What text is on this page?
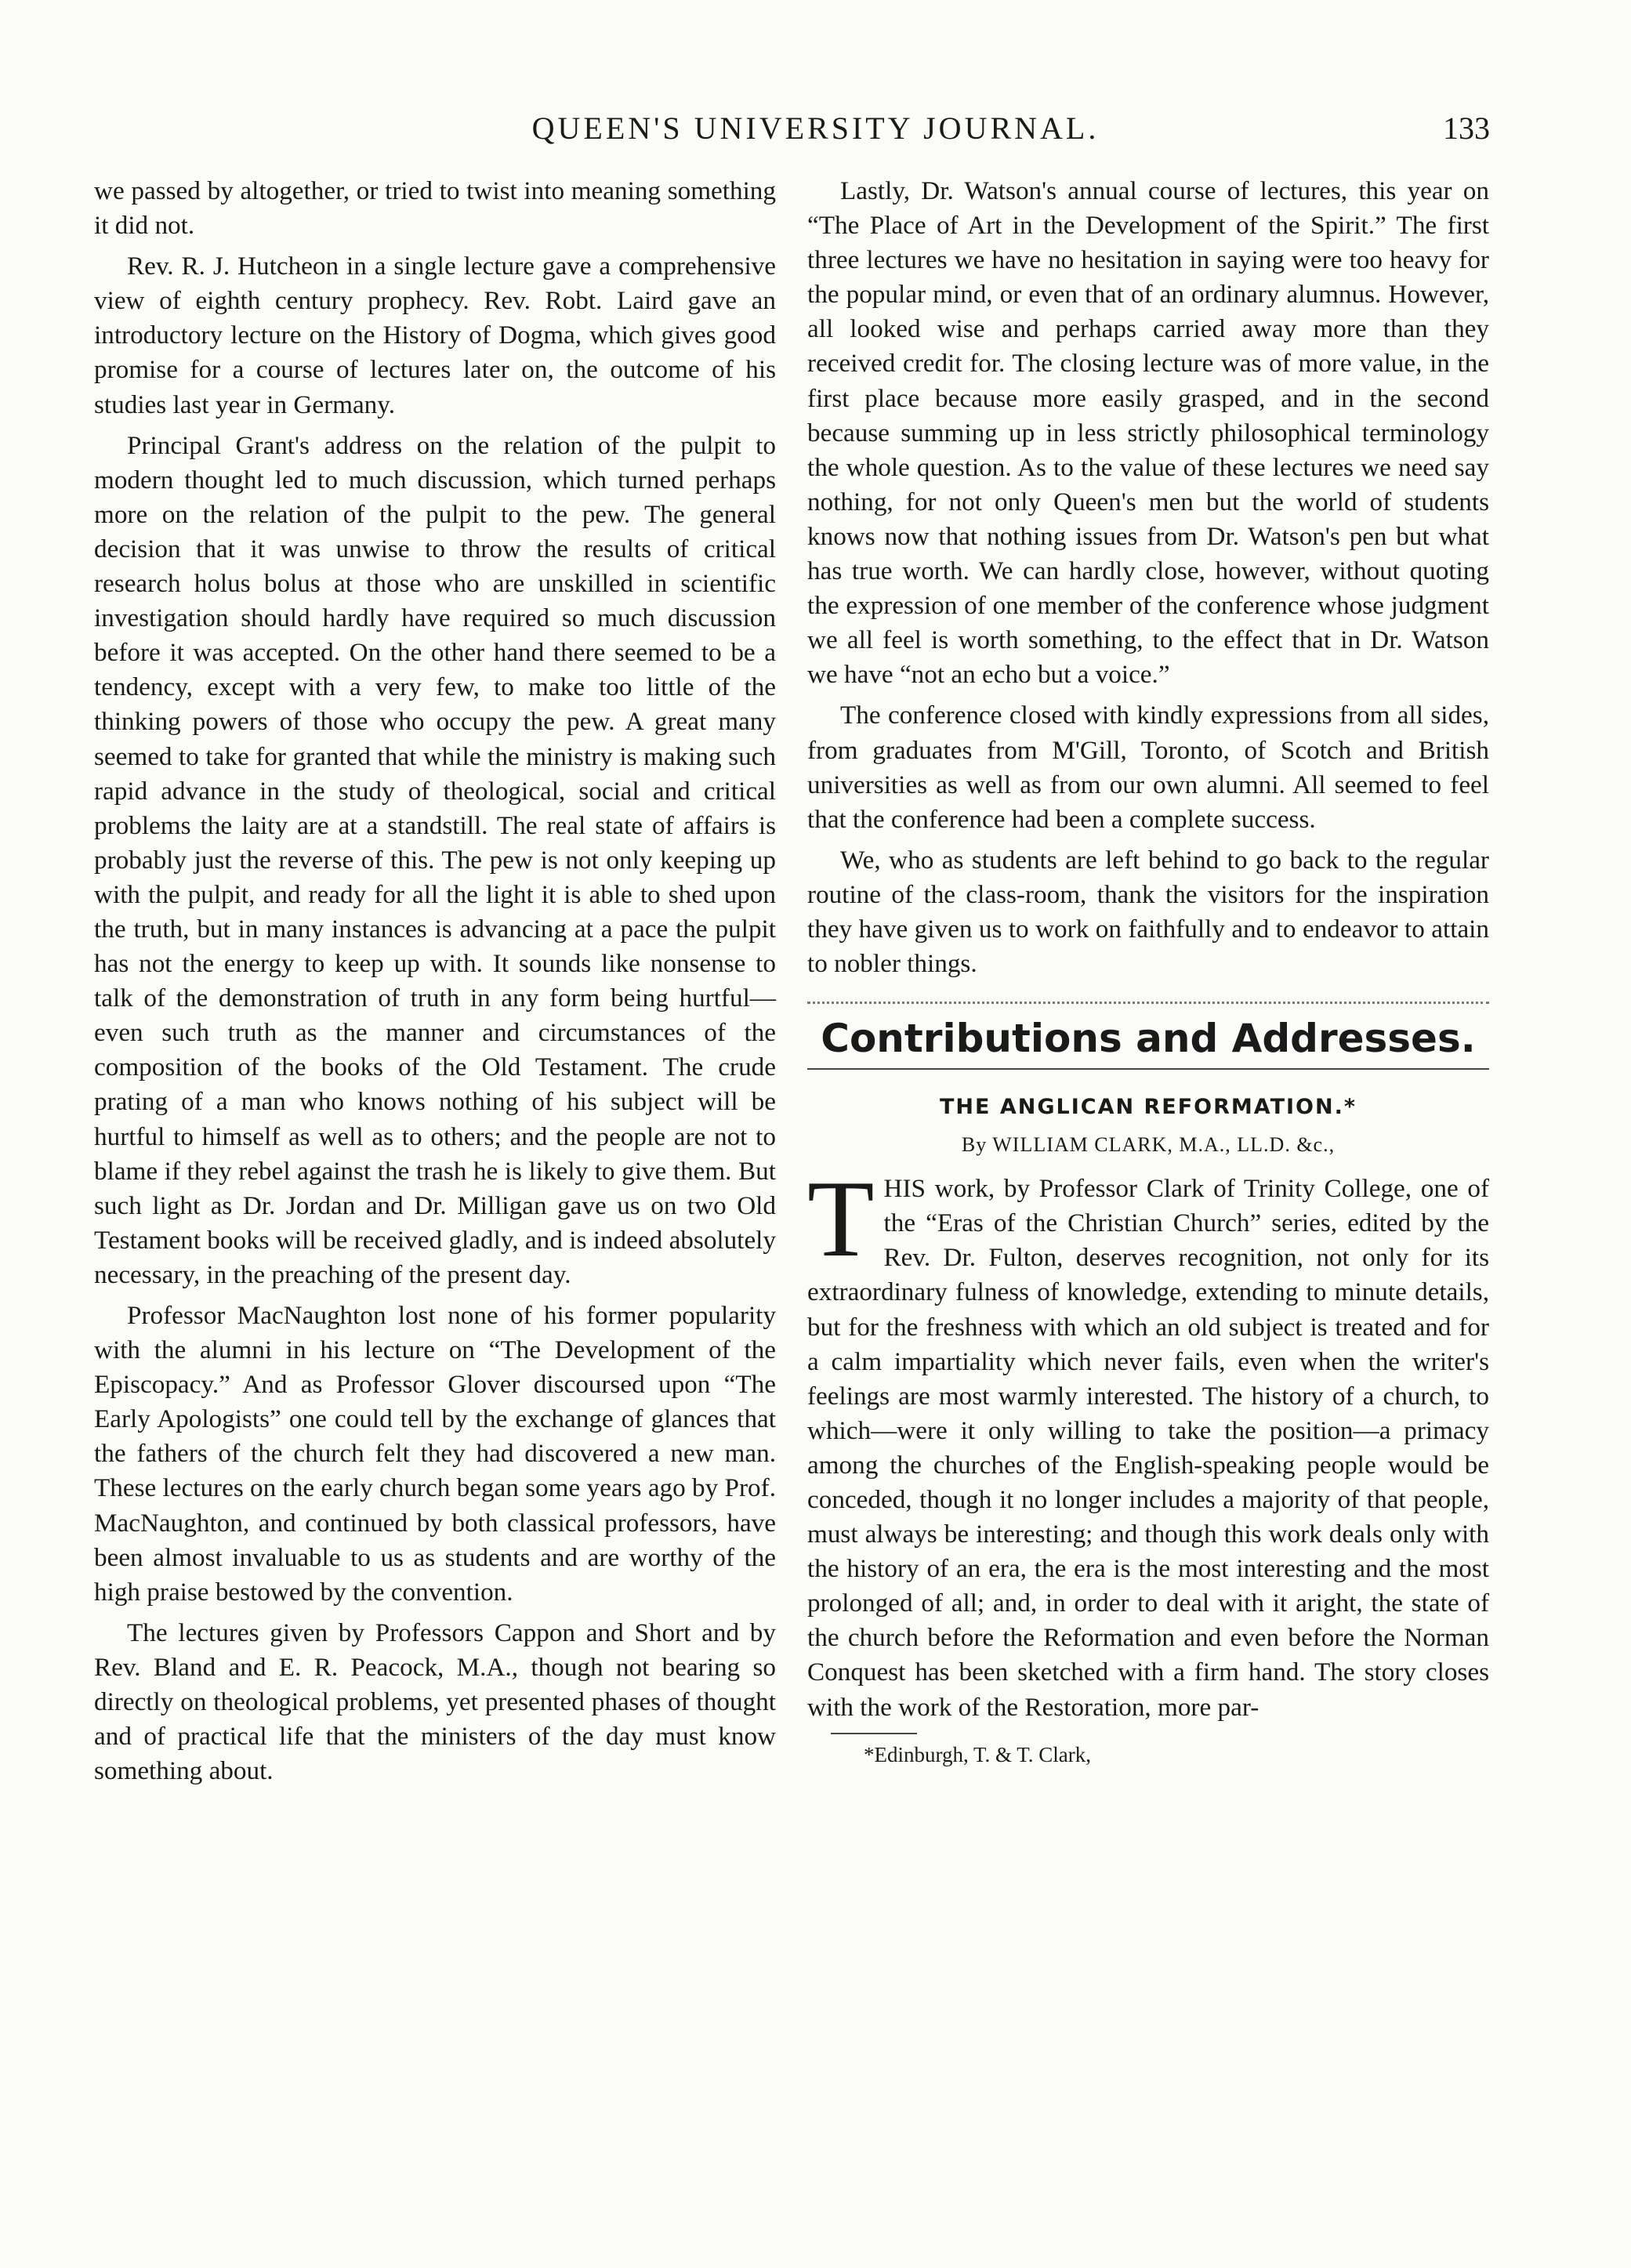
QUEEN'S UNIVERSITY JOURNAL.	133

we passed by altogether, or tried to twist into meaning something it did not.

Rev. R. J. Hutcheon in a single lecture gave a comprehensive view of eighth century prophecy. Rev. Robt. Laird gave an introductory lecture on the History of Dogma, which gives good promise for a course of lectures later on, the outcome of his studies last year in Germany.

Principal Grant's address on the relation of the pulpit to modern thought led to much discussion, which turned perhaps more on the relation of the pulpit to the pew. The general decision that it was unwise to throw the results of critical research holus bolus at those who are unskilled in scientific investigation should hardly have required so much discussion before it was accepted. On the other hand there seemed to be a tendency, except with a very few, to make too little of the thinking powers of those who occupy the pew. A great many seemed to take for granted that while the ministry is making such rapid advance in the study of theological, social and critical problems the laity are at a standstill. The real state of affairs is probably just the reverse of this. The pew is not only keeping up with the pulpit, and ready for all the light it is able to shed upon the truth, but in many instances is advancing at a pace the pulpit has not the energy to keep up with. It sounds like nonsense to talk of the demonstration of truth in any form being hurtful—even such truth as the manner and circumstances of the composition of the books of the Old Testament. The crude prating of a man who knows nothing of his subject will be hurtful to himself as well as to others; and the people are not to blame if they rebel against the trash he is likely to give them. But such light as Dr. Jordan and Dr. Milligan gave us on two Old Testament books will be received gladly, and is indeed absolutely necessary, in the preaching of the present day.

Professor MacNaughton lost none of his former popularity with the alumni in his lecture on “The Development of the Episcopacy.” And as Professor Glover discoursed upon “The Early Apologists” one could tell by the exchange of glances that the fathers of the church felt they had discovered a new man. These lectures on the early church began some years ago by Prof. MacNaughton, and continued by both classical professors, have been almost invaluable to us as students and are worthy of the high praise bestowed by the convention.

The lectures given by Professors Cappon and Short and by Rev. Bland and E. R. Peacock, M.A., though not bearing so directly on theological problems, yet presented phases of thought and of practical life that the ministers of the day must know something about.

Lastly, Dr. Watson's annual course of lectures, this year on “The Place of Art in the Development of the Spirit.” The first three lectures we have no hesitation in saying were too heavy for the popular mind, or even that of an ordinary alumnus. However, all looked wise and perhaps carried away more than they received credit for. The closing lecture was of more value, in the first place because more easily grasped, and in the second because summing up in less strictly philosophical terminology the whole question. As to the value of these lectures we need say nothing, for not only Queen's men but the world of students knows now that nothing issues from Dr. Watson's pen but what has true worth. We can hardly close, however, without quoting the expression of one member of the conference whose judgment we all feel is worth something, to the effect that in Dr. Watson we have “not an echo but a voice.”

The conference closed with kindly expressions from all sides, from graduates from M'Gill, Toronto, of Scotch and British universities as well as from our own alumni. All seemed to feel that the conference had been a complete success.

We, who as students are left behind to go back to the regular routine of the class-room, thank the visitors for the inspiration they have given us to work on faithfully and to endeavor to attain to nobler things.

Contributions and Addresses.
THE ANGLICAN REFORMATION.*
By WILLIAM CLARK, M.A., LL.D. &c.,

THIS work, by Professor Clark of Trinity College, one of the “Eras of the Christian Church” series, edited by the Rev. Dr. Fulton, deserves recognition, not only for its extraordinary fulness of knowledge, extending to minute details, but for the freshness with which an old subject is treated and for a calm impartiality which never fails, even when the writer's feelings are most warmly interested. The history of a church, to which—were it only willing to take the position—a primacy among the churches of the English-speaking people would be conceded, though it no longer includes a majority of that people, must always be interesting; and though this work deals only with the history of an era, the era is the most interesting and the most prolonged of all; and, in order to deal with it aright, the state of the church before the Reformation and even before the Norman Conquest has been sketched with a firm hand. The story closes with the work of the Restoration, more par-

*Edinburgh, T. & T. Clark,
